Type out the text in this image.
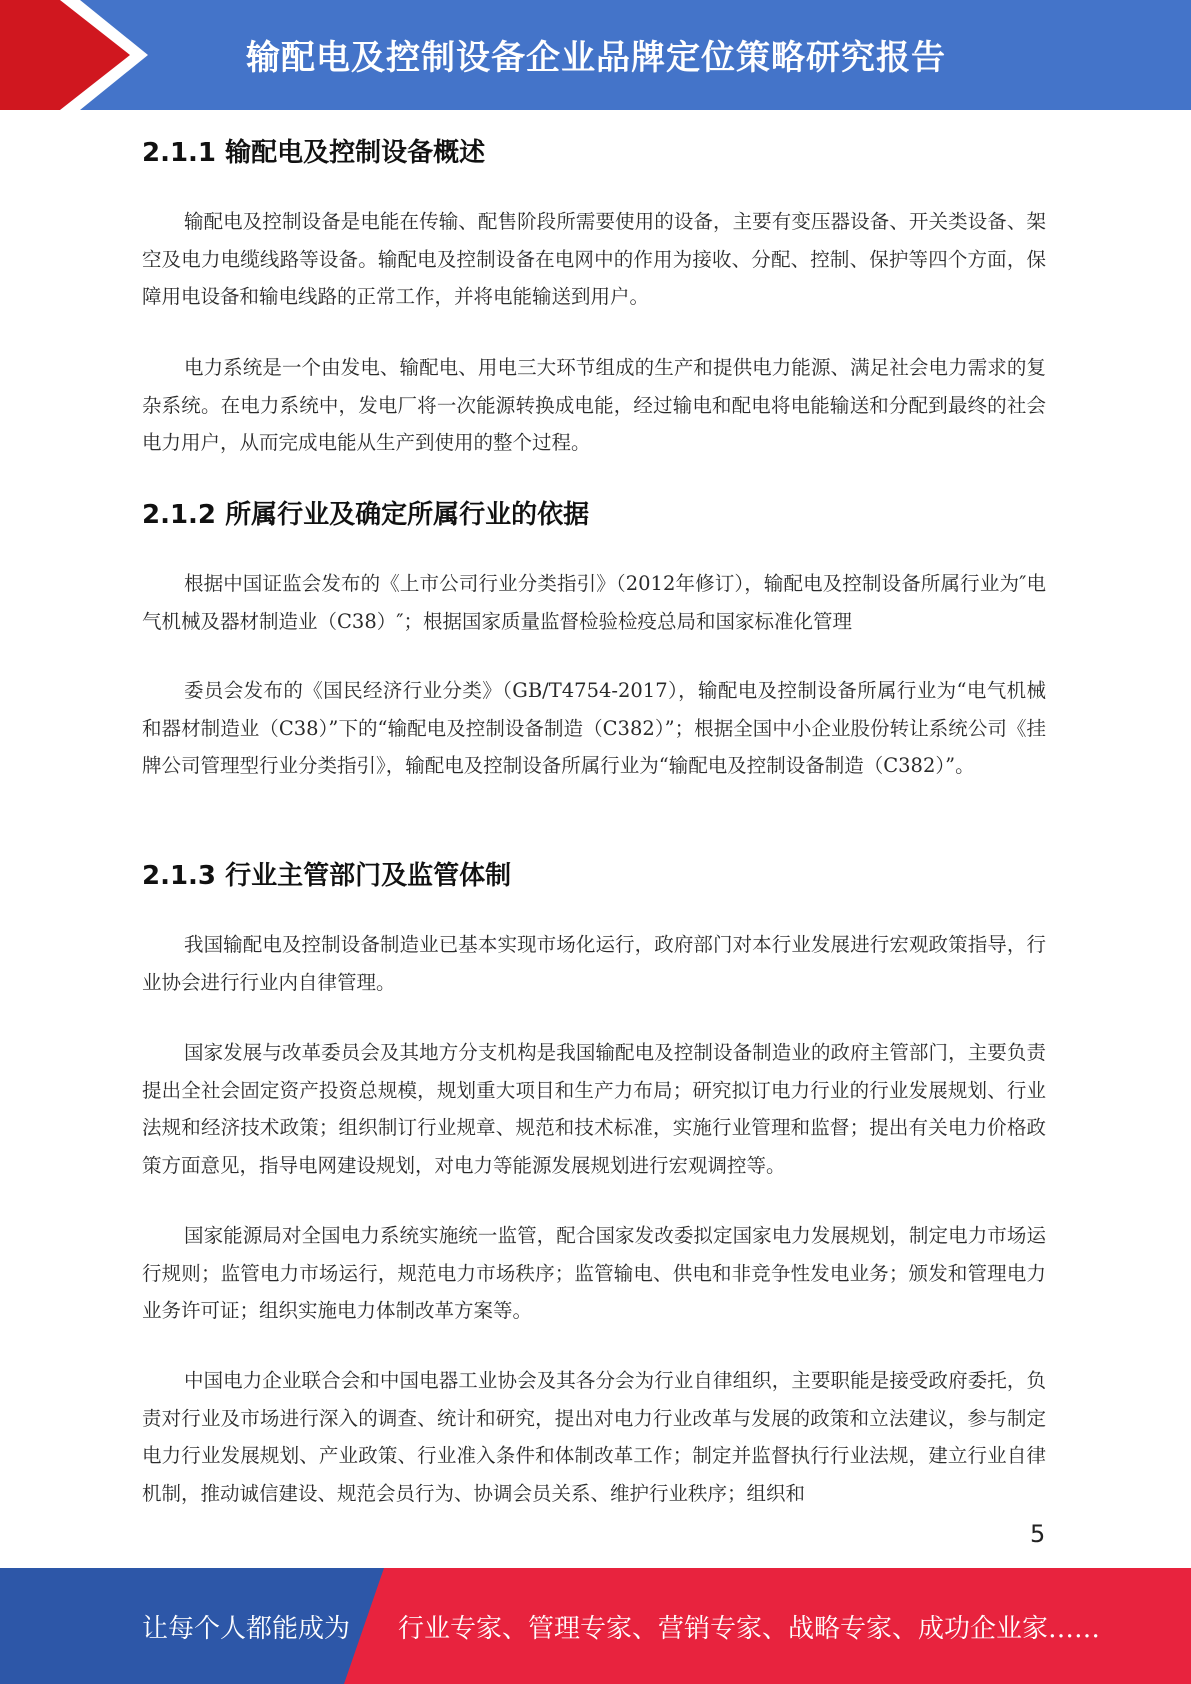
输配电及控制设备企业品牌定位策略研究报告
2.1.1 输配电及控制设备概述

输配电及控制设备是电能在传输、配售阶段所需要使用的设备，主要有变压器设备、开关类设备、架空及电力电缆线路等设备。输配电及控制设备在电网中的作用为接收、分配、控制、保护等四个方面，保障用电设备和输电线路的正常工作，并将电能输送到用户。

电力系统是一个由发电、输配电、用电三大环节组成的生产和提供电力能源、满足社会电力需求的复杂系统。在电力系统中，发电厂将一次能源转换成电能，经过输电和配电将电能输送和分配到最终的社会电力用户，从而完成电能从生产到使用的整个过程。

2.1.2 所属行业及确定所属行业的依据

根据中国证监会发布的《上市公司行业分类指引》（2012年修订），输配电及控制设备所属行业为″电气机械及器材制造业（C38）″；根据国家质量监督检验检疫总局和国家标准化管理

委员会发布的《国民经济行业分类》（GB/T4754-2017），输配电及控制设备所属行业为“电气机械和器材制造业（C38）”下的“输配电及控制设备制造（C382）”；根据全国中小企业股份转让系统公司《挂牌公司管理型行业分类指引》，输配电及控制设备所属行业为“输配电及控制设备制造（C382）”。

2.1.3 行业主管部门及监管体制

我国输配电及控制设备制造业已基本实现市场化运行，政府部门对本行业发展进行宏观政策指导，行业协会进行行业内自律管理。

国家发展与改革委员会及其地方分支机构是我国输配电及控制设备制造业的政府主管部门，主要负责提出全社会固定资产投资总规模，规划重大项目和生产力布局；研究拟订电力行业的行业发展规划、行业法规和经济技术政策；组织制订行业规章、规范和技术标准，实施行业管理和监督；提出有关电力价格政策方面意见，指导电网建设规划，对电力等能源发展规划进行宏观调控等。

国家能源局对全国电力系统实施统一监管，配合国家发改委拟定国家电力发展规划，制定电力市场运行规则；监管电力市场运行，规范电力市场秩序；监管输电、供电和非竞争性发电业务；颁发和管理电力业务许可证；组织实施电力体制改革方案等。

中国电力企业联合会和中国电器工业协会及其各分会为行业自律组织，主要职能是接受政府委托，负责对行业及市场进行深入的调查、统计和研究，提出对电力行业改革与发展的政策和立法建议，参与制定电力行业发展规划、产业政策、行业准入条件和体制改革工作；制定并监督执行行业法规，建立行业自律机制，推动诚信建设、规范会员行为、协调会员关系、维护行业秩序；组织和

5
让每个人都能成为 行业专家、管理专家、营销专家、战略专家、成功企业家……
